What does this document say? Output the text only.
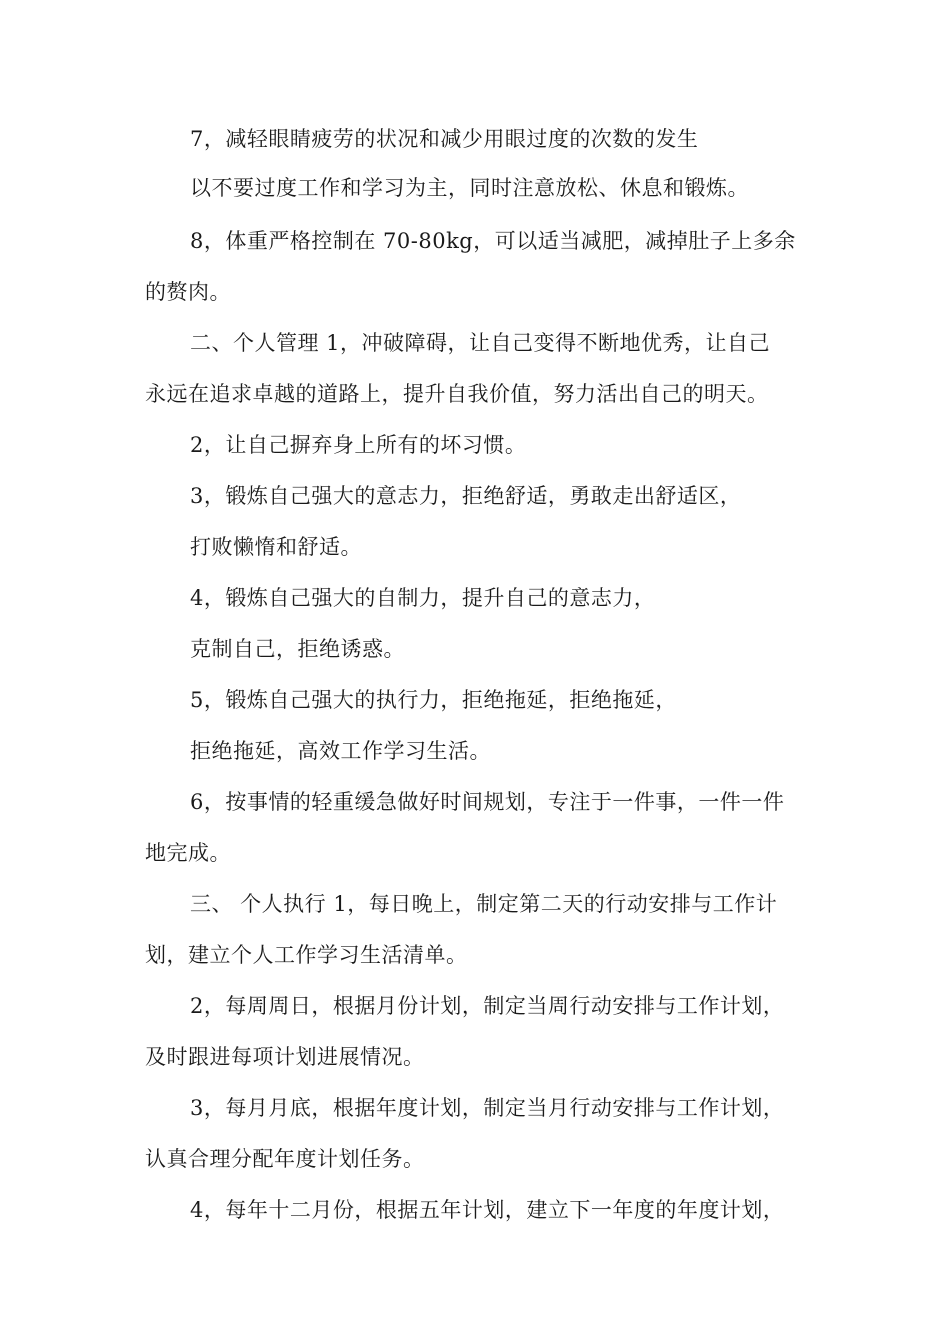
7，减轻眼睛疲劳的状况和减少用眼过度的次数的发生
以不要过度工作和学习为主，同时注意放松、休息和锻炼。
8，体重严格控制在 70-80kg，可以适当减肥，减掉肚子上多余
的赘肉。
二、个人管理 1，冲破障碍，让自己变得不断地优秀，让自己
永远在追求卓越的道路上，提升自我价值，努力活出自己的明天。
2，让自己摒弃身上所有的坏习惯。
3，锻炼自己强大的意志力，拒绝舒适，勇敢走出舒适区，
打败懒惰和舒适。
4，锻炼自己强大的自制力，提升自己的意志力，
克制自己，拒绝诱惑。
5，锻炼自己强大的执行力，拒绝拖延，拒绝拖延，
拒绝拖延，高效工作学习生活。
6，按事情的轻重缓急做好时间规划，专注于一件事，一件一件
地完成。
三、 个人执行 1，每日晚上，制定第二天的行动安排与工作计
划，建立个人工作学习生活清单。
2，每周周日，根据月份计划，制定当周行动安排与工作计划，
及时跟进每项计划进展情况。
3，每月月底，根据年度计划，制定当月行动安排与工作计划，
认真合理分配年度计划任务。
4，每年十二月份，根据五年计划，建立下一年度的年度计划，
